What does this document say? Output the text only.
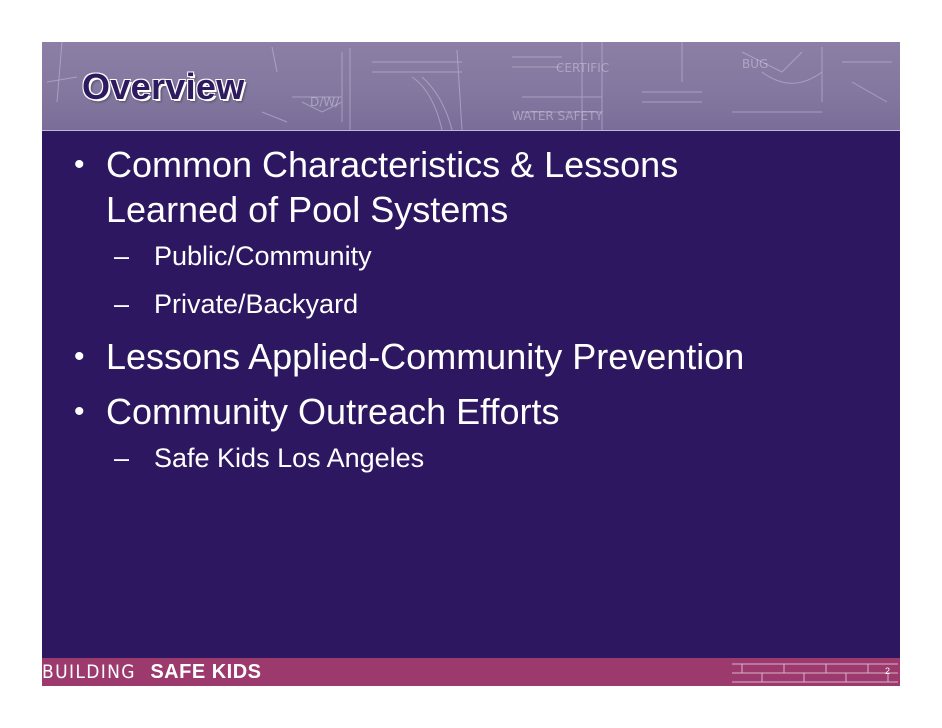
CERTIFIC
WATER SAFETY
D/W/
BUG
Overview
BUILDING SAFE KIDS	2
• Common Characteristics & Lessons
Learned of Pool Systems
– Public/Community
– Private/Backyard
• Lessons Applied-Community Prevention
• Community Outreach Efforts
– Safe Kids Los Angeles
